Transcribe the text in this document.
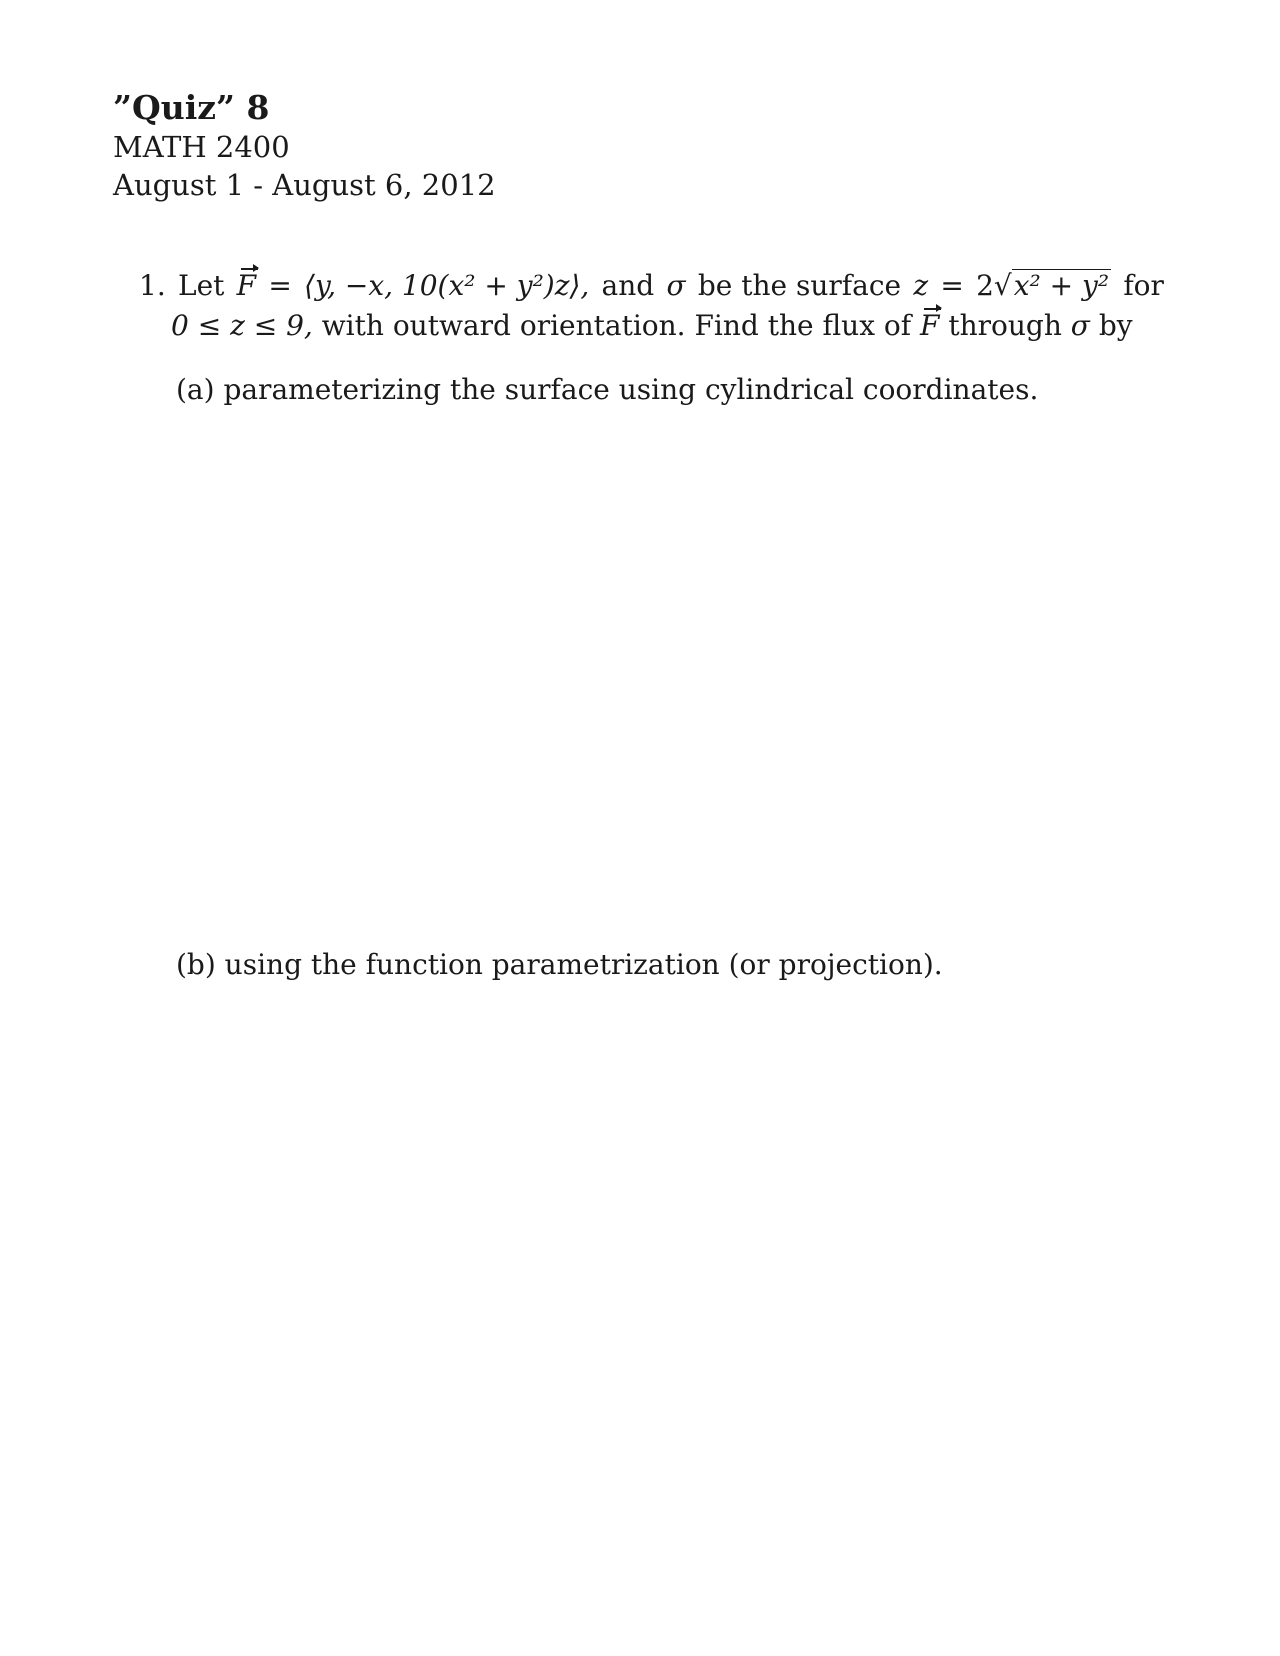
”Quiz” 8
MATH 2400
August 1 - August 6, 2012
1. Let F = ⟨y, −x, 10(x² + y²)z⟩, and σ be the surface z = 2√x² + y² for
0 ≤ z ≤ 9, with outward orientation. Find the flux of F through σ by
(a) parameterizing the surface using cylindrical coordinates.
(b) using the function parametrization (or projection).
